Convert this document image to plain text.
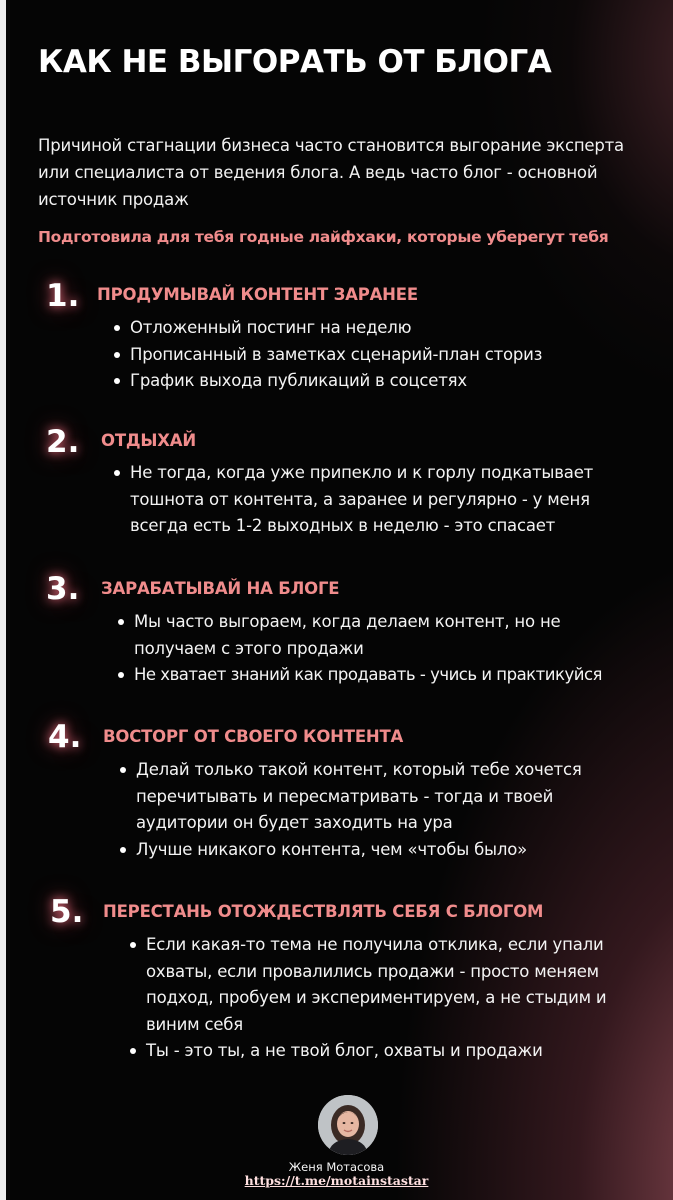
КАК НЕ ВЫГОРАТЬ ОТ БЛОГА
Причиной стагнации бизнеса часто становится выгорание эксперта или специалиста от ведения блога. А ведь часто блог - основной источник продаж
Подготовила для тебя годные лайфхаки, которые уберегут тебя
1. ПРОДУМЫВАЙ КОНТЕНТ ЗАРАНЕЕ
Отложенный постинг на неделю
Прописанный в заметках сценарий-план сториз
График выхода публикаций в соцсетях
2. ОТДЫХАЙ
Не тогда, когда уже припекло и к горлу подкатывает тошнота от контента, а заранее и регулярно - у меня всегда есть 1-2 выходных в неделю - это спасает
3. ЗАРАБАТЫВАЙ НА БЛОГЕ
Мы часто выгораем, когда делаем контент, но не получаем с этого продажи
Не хватает знаний как продавать - учись и практикуйся
4. ВОСТОРГ ОТ СВОЕГО КОНТЕНТА
Делай только такой контент, который тебе хочется перечитывать и пересматривать - тогда и твоей аудитории он будет заходить на ура
Лучше никакого контента, чем «чтобы было»
5. ПЕРЕСТАНЬ ОТОЖДЕСТВЛЯТЬ СЕБЯ С БЛОГОМ
Если какая-то тема не получила отклика, если упали охваты, если провалились продажи - просто меняем подход, пробуем и экспериментируем, а не стыдим и виним себя
Ты - это ты, а не твой блог, охваты и продажи
Женя Мотасова
https://t.me/motainstastar
